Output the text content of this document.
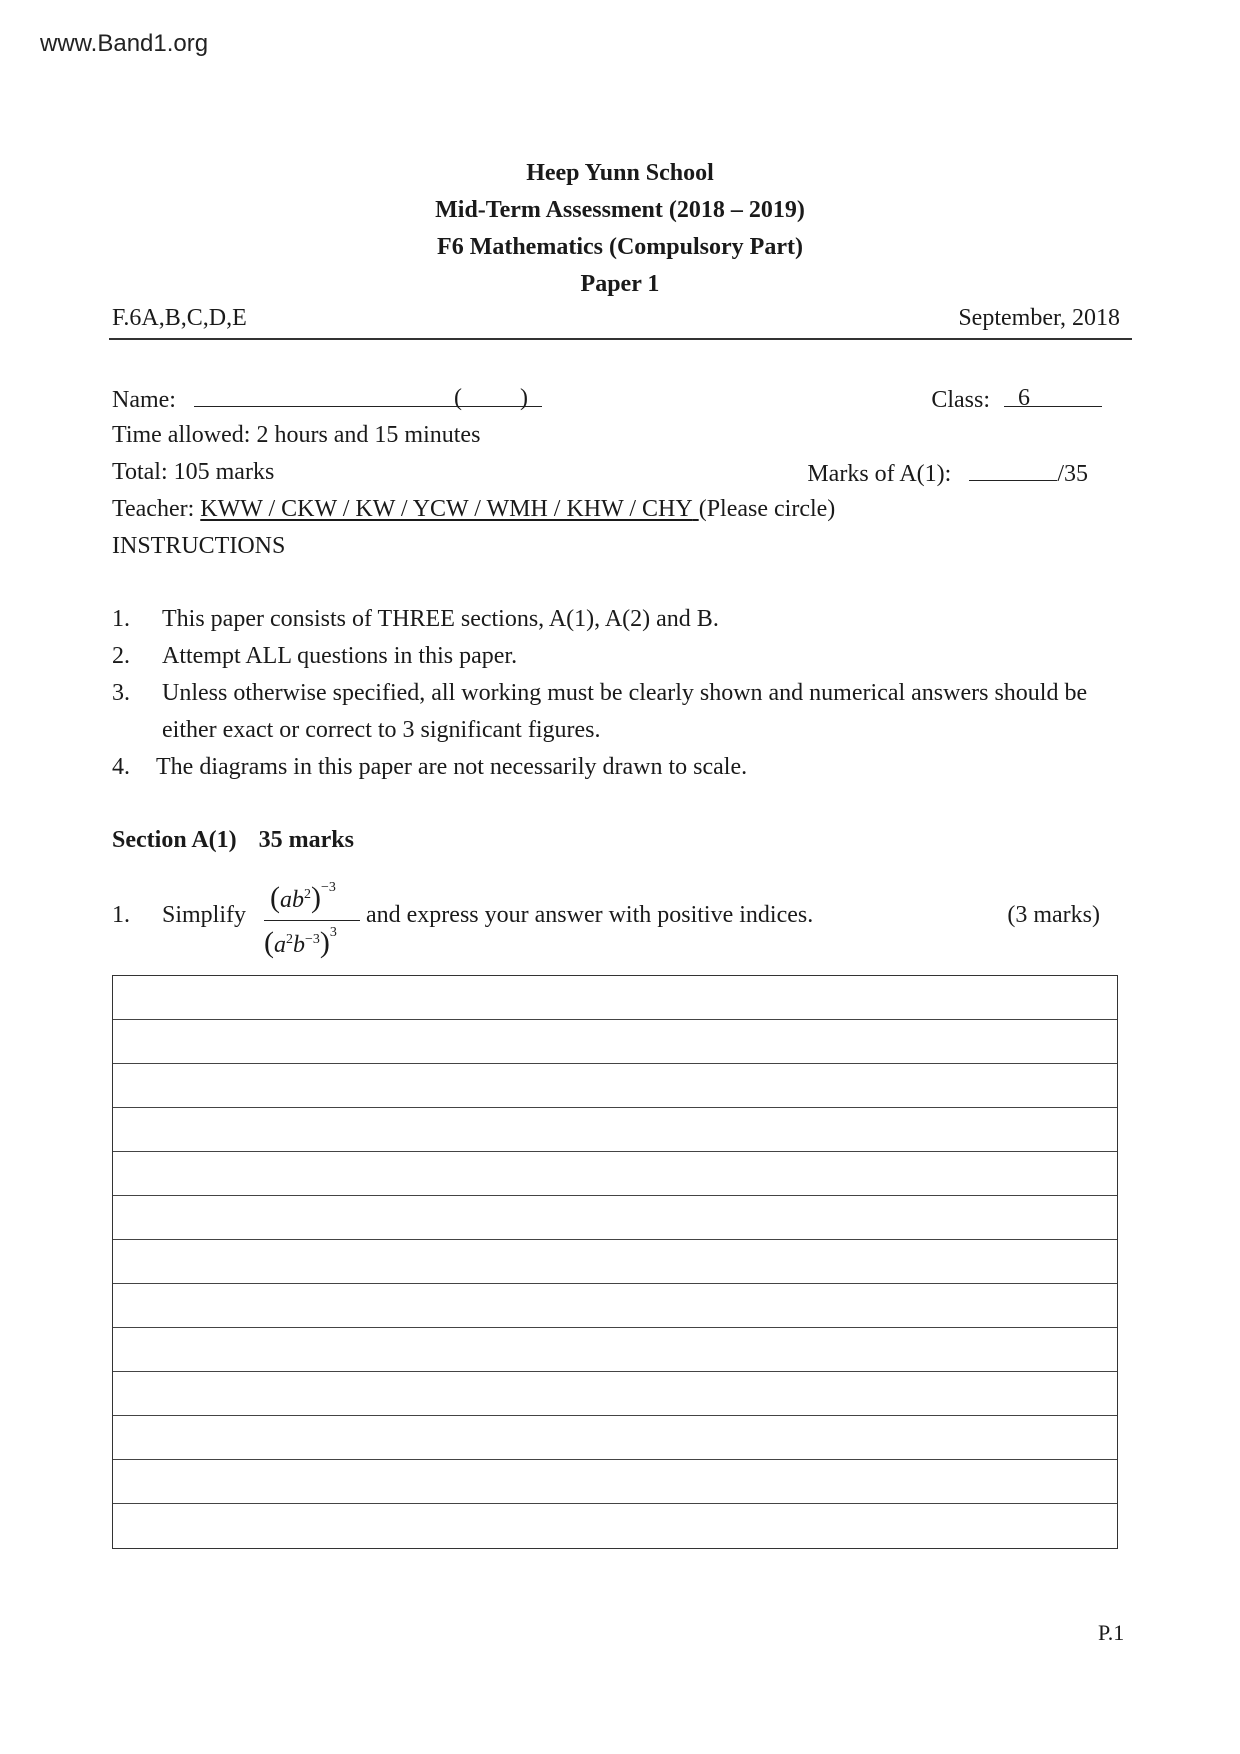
www.Band1.org
Heep Yunn School
Mid-Term Assessment (2018 – 2019)
F6 Mathematics (Compulsory Part)
Paper 1
F.6A,B,C,D,E	September, 2018
Name:	( )	Class: 6
Time allowed: 2 hours and 15 minutes
Total: 105 marks	Marks of A(1):	/35
Teacher: KWW / CKW / KW / YCW / WMH / KHW / CHY (Please circle)
INSTRUCTIONS
1.	This paper consists of THREE sections, A(1), A(2) and B.
2.	Attempt ALL questions in this paper.
3.	Unless otherwise specified, all working must be clearly shown and numerical answers should be either exact or correct to 3 significant figures.
4.	The diagrams in this paper are not necessarily drawn to scale.
Section A(1) 35 marks
1. Simplify
$(ab^2)^{-3}$
$(a^2b^{-3})^3$
and express your answer with positive indices.	(3 marks)
P.1
